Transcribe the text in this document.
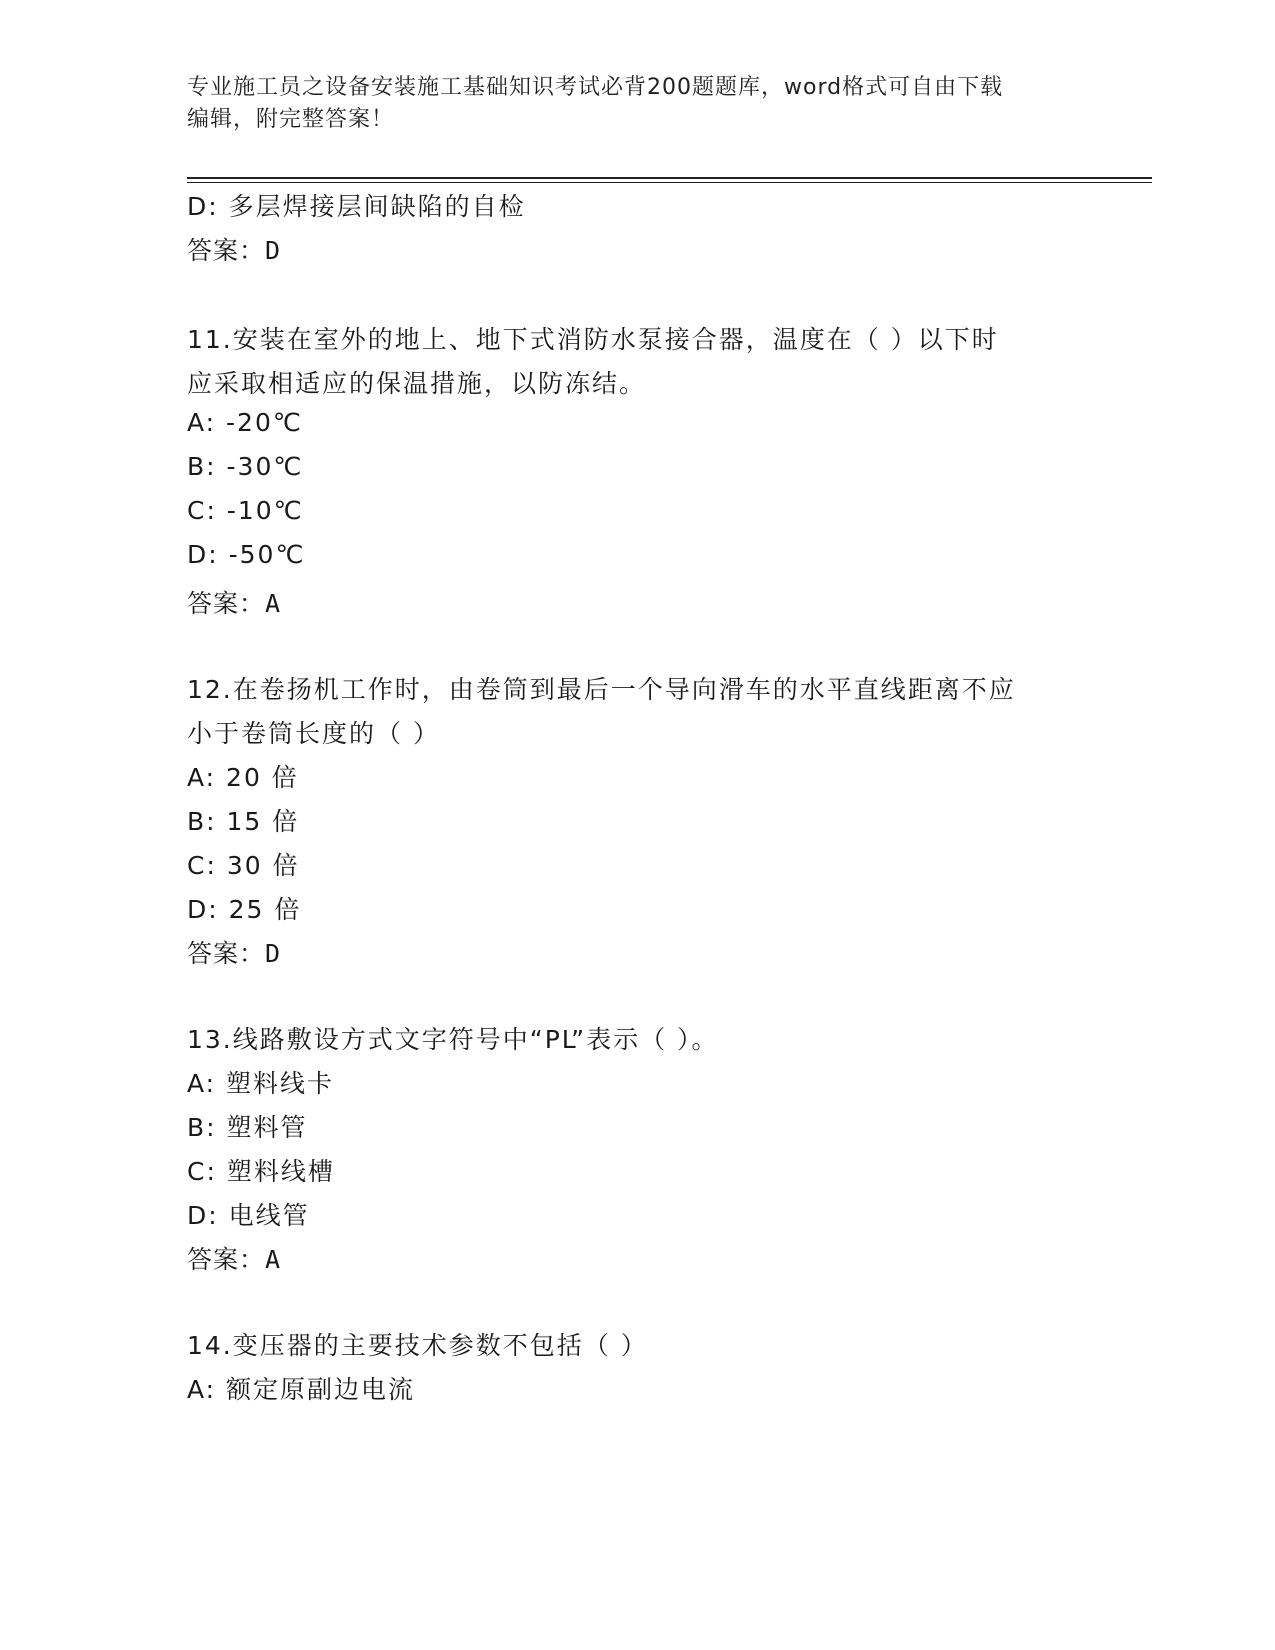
专业施工员之设备安装施工基础知识考试必背200题题库，word格式可自由下载
编辑，附完整答案！
D: 多层焊接层间缺陷的自检
答案：D
11.安装在室外的地上、地下式消防水泵接合器，温度在（ ）以下时
应采取相适应的保温措施，以防冻结。
A: -20℃
B: -30℃
C: -10℃
D: -50℃
答案：A
12.在卷扬机工作时，由卷筒到最后一个导向滑车的水平直线距离不应
小于卷筒长度的（ ）
A: 20 倍
B: 15 倍
C: 30 倍
D: 25 倍
答案：D
13.线路敷设方式文字符号中“PL”表示（ ）。
A: 塑料线卡
B: 塑料管
C: 塑料线槽
D: 电线管
答案：A
14.变压器的主要技术参数不包括（ ）
A: 额定原副边电流
